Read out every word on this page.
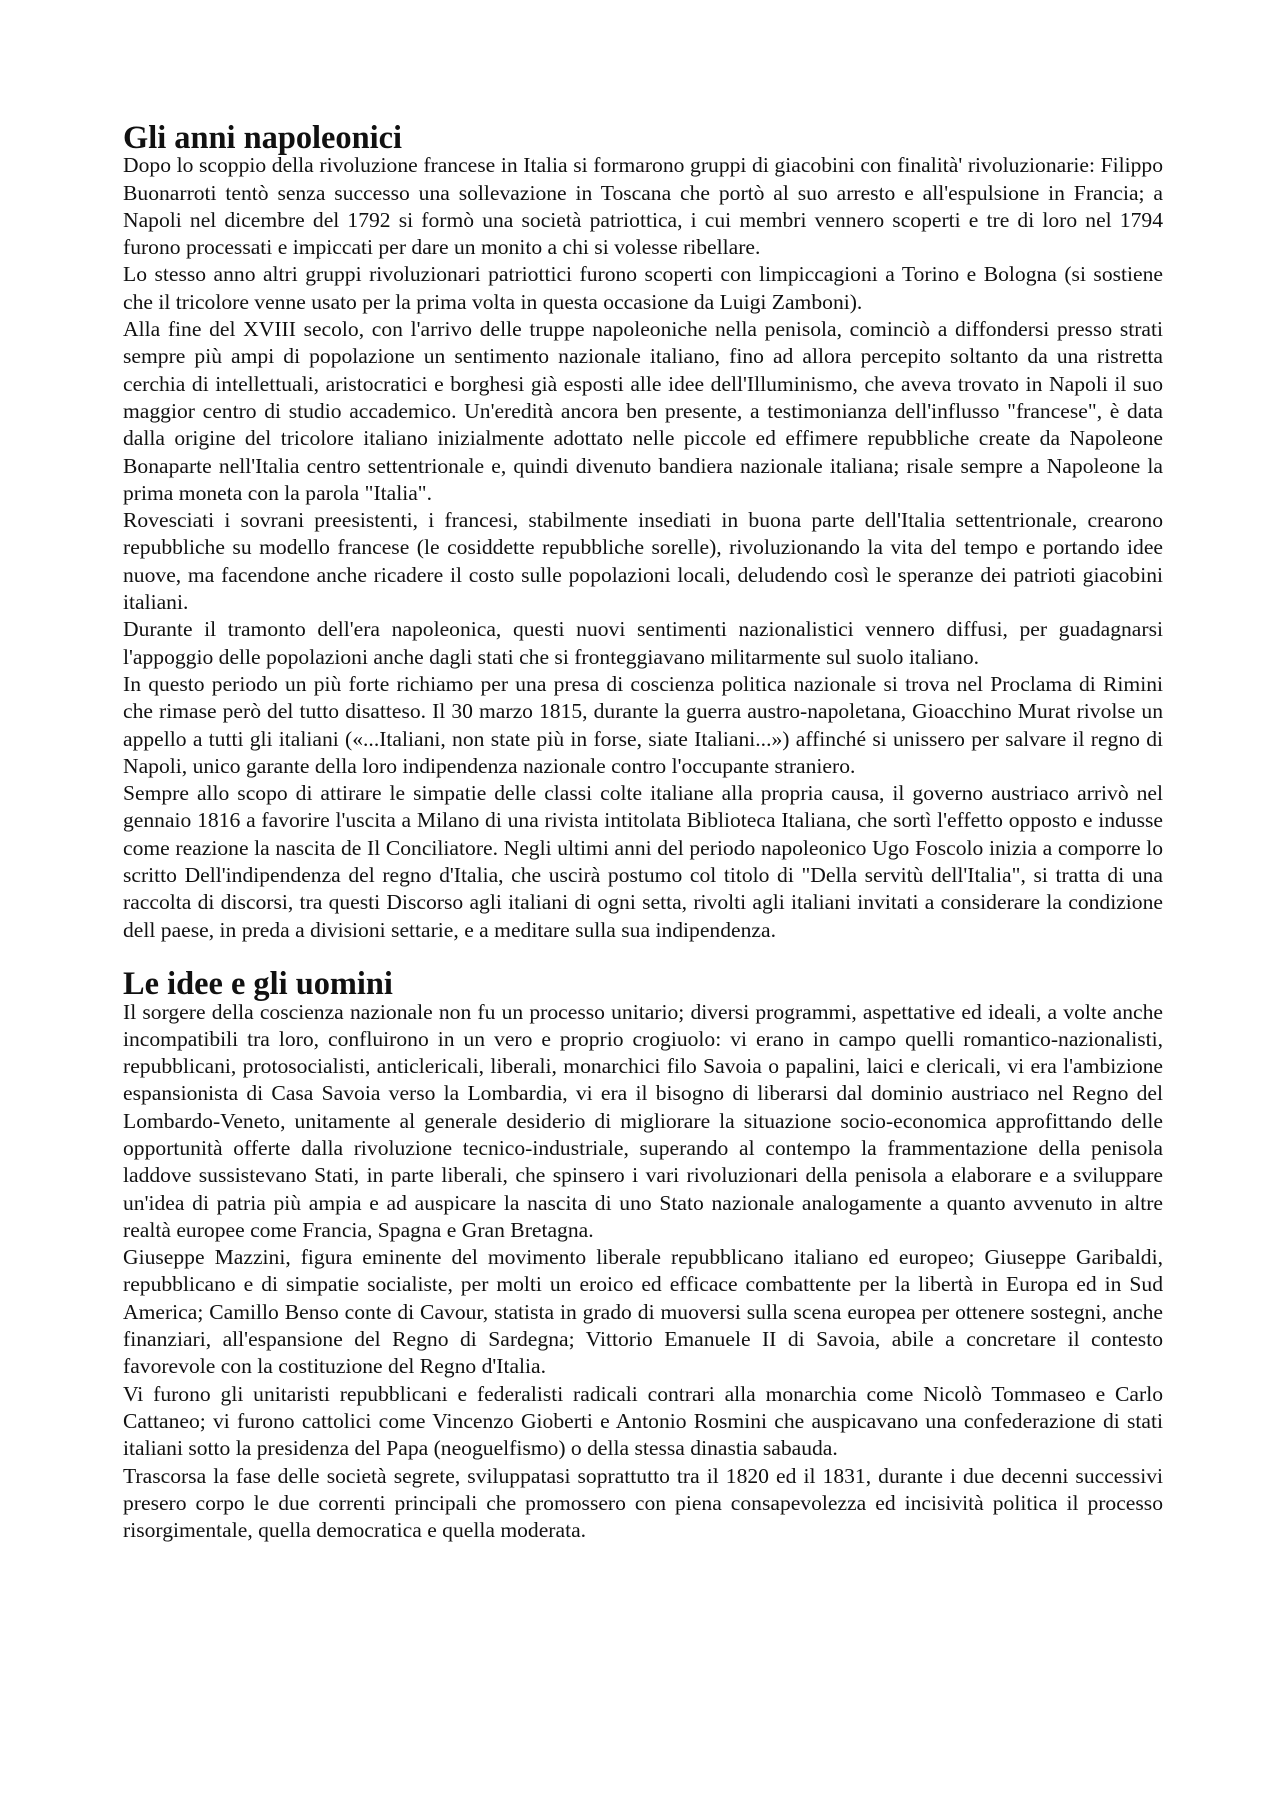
Gli anni napoleonici

Dopo lo scoppio della rivoluzione francese in Italia si formarono gruppi di giacobini con finalità' rivoluzionarie: Filippo Buonarroti tentò senza successo una sollevazione in Toscana che portò al suo arresto e all'espulsione in Francia; a Napoli nel dicembre del 1792 si formò una società patriottica, i cui membri vennero scoperti e tre di loro nel 1794 furono processati e impiccati per dare un monito a chi si volesse ribellare.

Lo stesso anno altri gruppi rivoluzionari patriottici furono scoperti con limpiccagioni a Torino e Bologna (si sostiene che il tricolore venne usato per la prima volta in questa occasione da Luigi Zamboni).

Alla fine del XVIII secolo, con l'arrivo delle truppe napoleoniche nella penisola, cominciò a diffondersi presso strati sempre più ampi di popolazione un sentimento nazionale italiano, fino ad allora percepito soltanto da una ristretta cerchia di intellettuali, aristocratici e borghesi già esposti alle idee dell'Illuminismo, che aveva trovato in Napoli il suo maggior centro di studio accademico. Un'eredità ancora ben presente, a testimonianza dell'influsso "francese", è data dalla origine del tricolore italiano inizialmente adottato nelle piccole ed effimere repubbliche create da Napoleone Bonaparte nell'Italia centro settentrionale e, quindi divenuto bandiera nazionale italiana; risale sempre a Napoleone la prima moneta con la parola "Italia".

Rovesciati i sovrani preesistenti, i francesi, stabilmente insediati in buona parte dell'Italia settentrionale, crearono repubbliche su modello francese (le cosiddette repubbliche sorelle), rivoluzionando la vita del tempo e portando idee nuove, ma facendone anche ricadere il costo sulle popolazioni locali, deludendo così le speranze dei patrioti giacobini italiani.

Durante il tramonto dell'era napoleonica, questi nuovi sentimenti nazionalistici vennero diffusi, per guadagnarsi l'appoggio delle popolazioni anche dagli stati che si fronteggiavano militarmente sul suolo italiano.

In questo periodo un più forte richiamo per una presa di coscienza politica nazionale si trova nel Proclama di Rimini che rimase però del tutto disatteso. Il 30 marzo 1815, durante la guerra austro-napoletana, Gioacchino Murat rivolse un appello a tutti gli italiani («...Italiani, non state più in forse, siate Italiani...») affinché si unissero per salvare il regno di Napoli, unico garante della loro indipendenza nazionale contro l'occupante straniero.

Sempre allo scopo di attirare le simpatie delle classi colte italiane alla propria causa, il governo austriaco arrivò nel gennaio 1816 a favorire l'uscita a Milano di una rivista intitolata Biblioteca Italiana, che sortì l'effetto opposto e indusse come reazione la nascita de Il Conciliatore. Negli ultimi anni del periodo napoleonico Ugo Foscolo inizia a comporre lo scritto Dell'indipendenza del regno d'Italia, che uscirà postumo col titolo di "Della servitù dell'Italia", si tratta di una raccolta di discorsi, tra questi Discorso agli italiani di ogni setta, rivolti agli italiani invitati a considerare la condizione dell paese, in preda a divisioni settarie, e a meditare sulla sua indipendenza.

Le idee e gli uomini

Il sorgere della coscienza nazionale non fu un processo unitario; diversi programmi, aspettative ed ideali, a volte anche incompatibili tra loro, confluirono in un vero e proprio crogiuolo: vi erano in campo quelli romantico-nazionalisti, repubblicani, protosocialisti, anticlericali, liberali, monarchici filo Savoia o papalini, laici e clericali, vi era l'ambizione espansionista di Casa Savoia verso la Lombardia, vi era il bisogno di liberarsi dal dominio austriaco nel Regno del Lombardo-Veneto, unitamente al generale desiderio di migliorare la situazione socio-economica approfittando delle opportunità offerte dalla rivoluzione tecnico-industriale, superando al contempo la frammentazione della penisola laddove sussistevano Stati, in parte liberali, che spinsero i vari rivoluzionari della penisola a elaborare e a sviluppare un'idea di patria più ampia e ad auspicare la nascita di uno Stato nazionale analogamente a quanto avvenuto in altre realtà europee come Francia, Spagna e Gran Bretagna.

Giuseppe Mazzini, figura eminente del movimento liberale repubblicano italiano ed europeo; Giuseppe Garibaldi, repubblicano e di simpatie socialiste, per molti un eroico ed efficace combattente per la libertà in Europa ed in Sud America; Camillo Benso conte di Cavour, statista in grado di muoversi sulla scena europea per ottenere sostegni, anche finanziari, all'espansione del Regno di Sardegna; Vittorio Emanuele II di Savoia, abile a concretare il contesto favorevole con la costituzione del Regno d'Italia.

Vi furono gli unitaristi repubblicani e federalisti radicali contrari alla monarchia come Nicolò Tommaseo e Carlo Cattaneo; vi furono cattolici come Vincenzo Gioberti e Antonio Rosmini che auspicavano una confederazione di stati italiani sotto la presidenza del Papa (neoguelfismo) o della stessa dinastia sabauda.

Trascorsa la fase delle società segrete, sviluppatasi soprattutto tra il 1820 ed il 1831, durante i due decenni successivi presero corpo le due correnti principali che promossero con piena consapevolezza ed incisività politica il processo risorgimentale, quella democratica e quella moderata.
